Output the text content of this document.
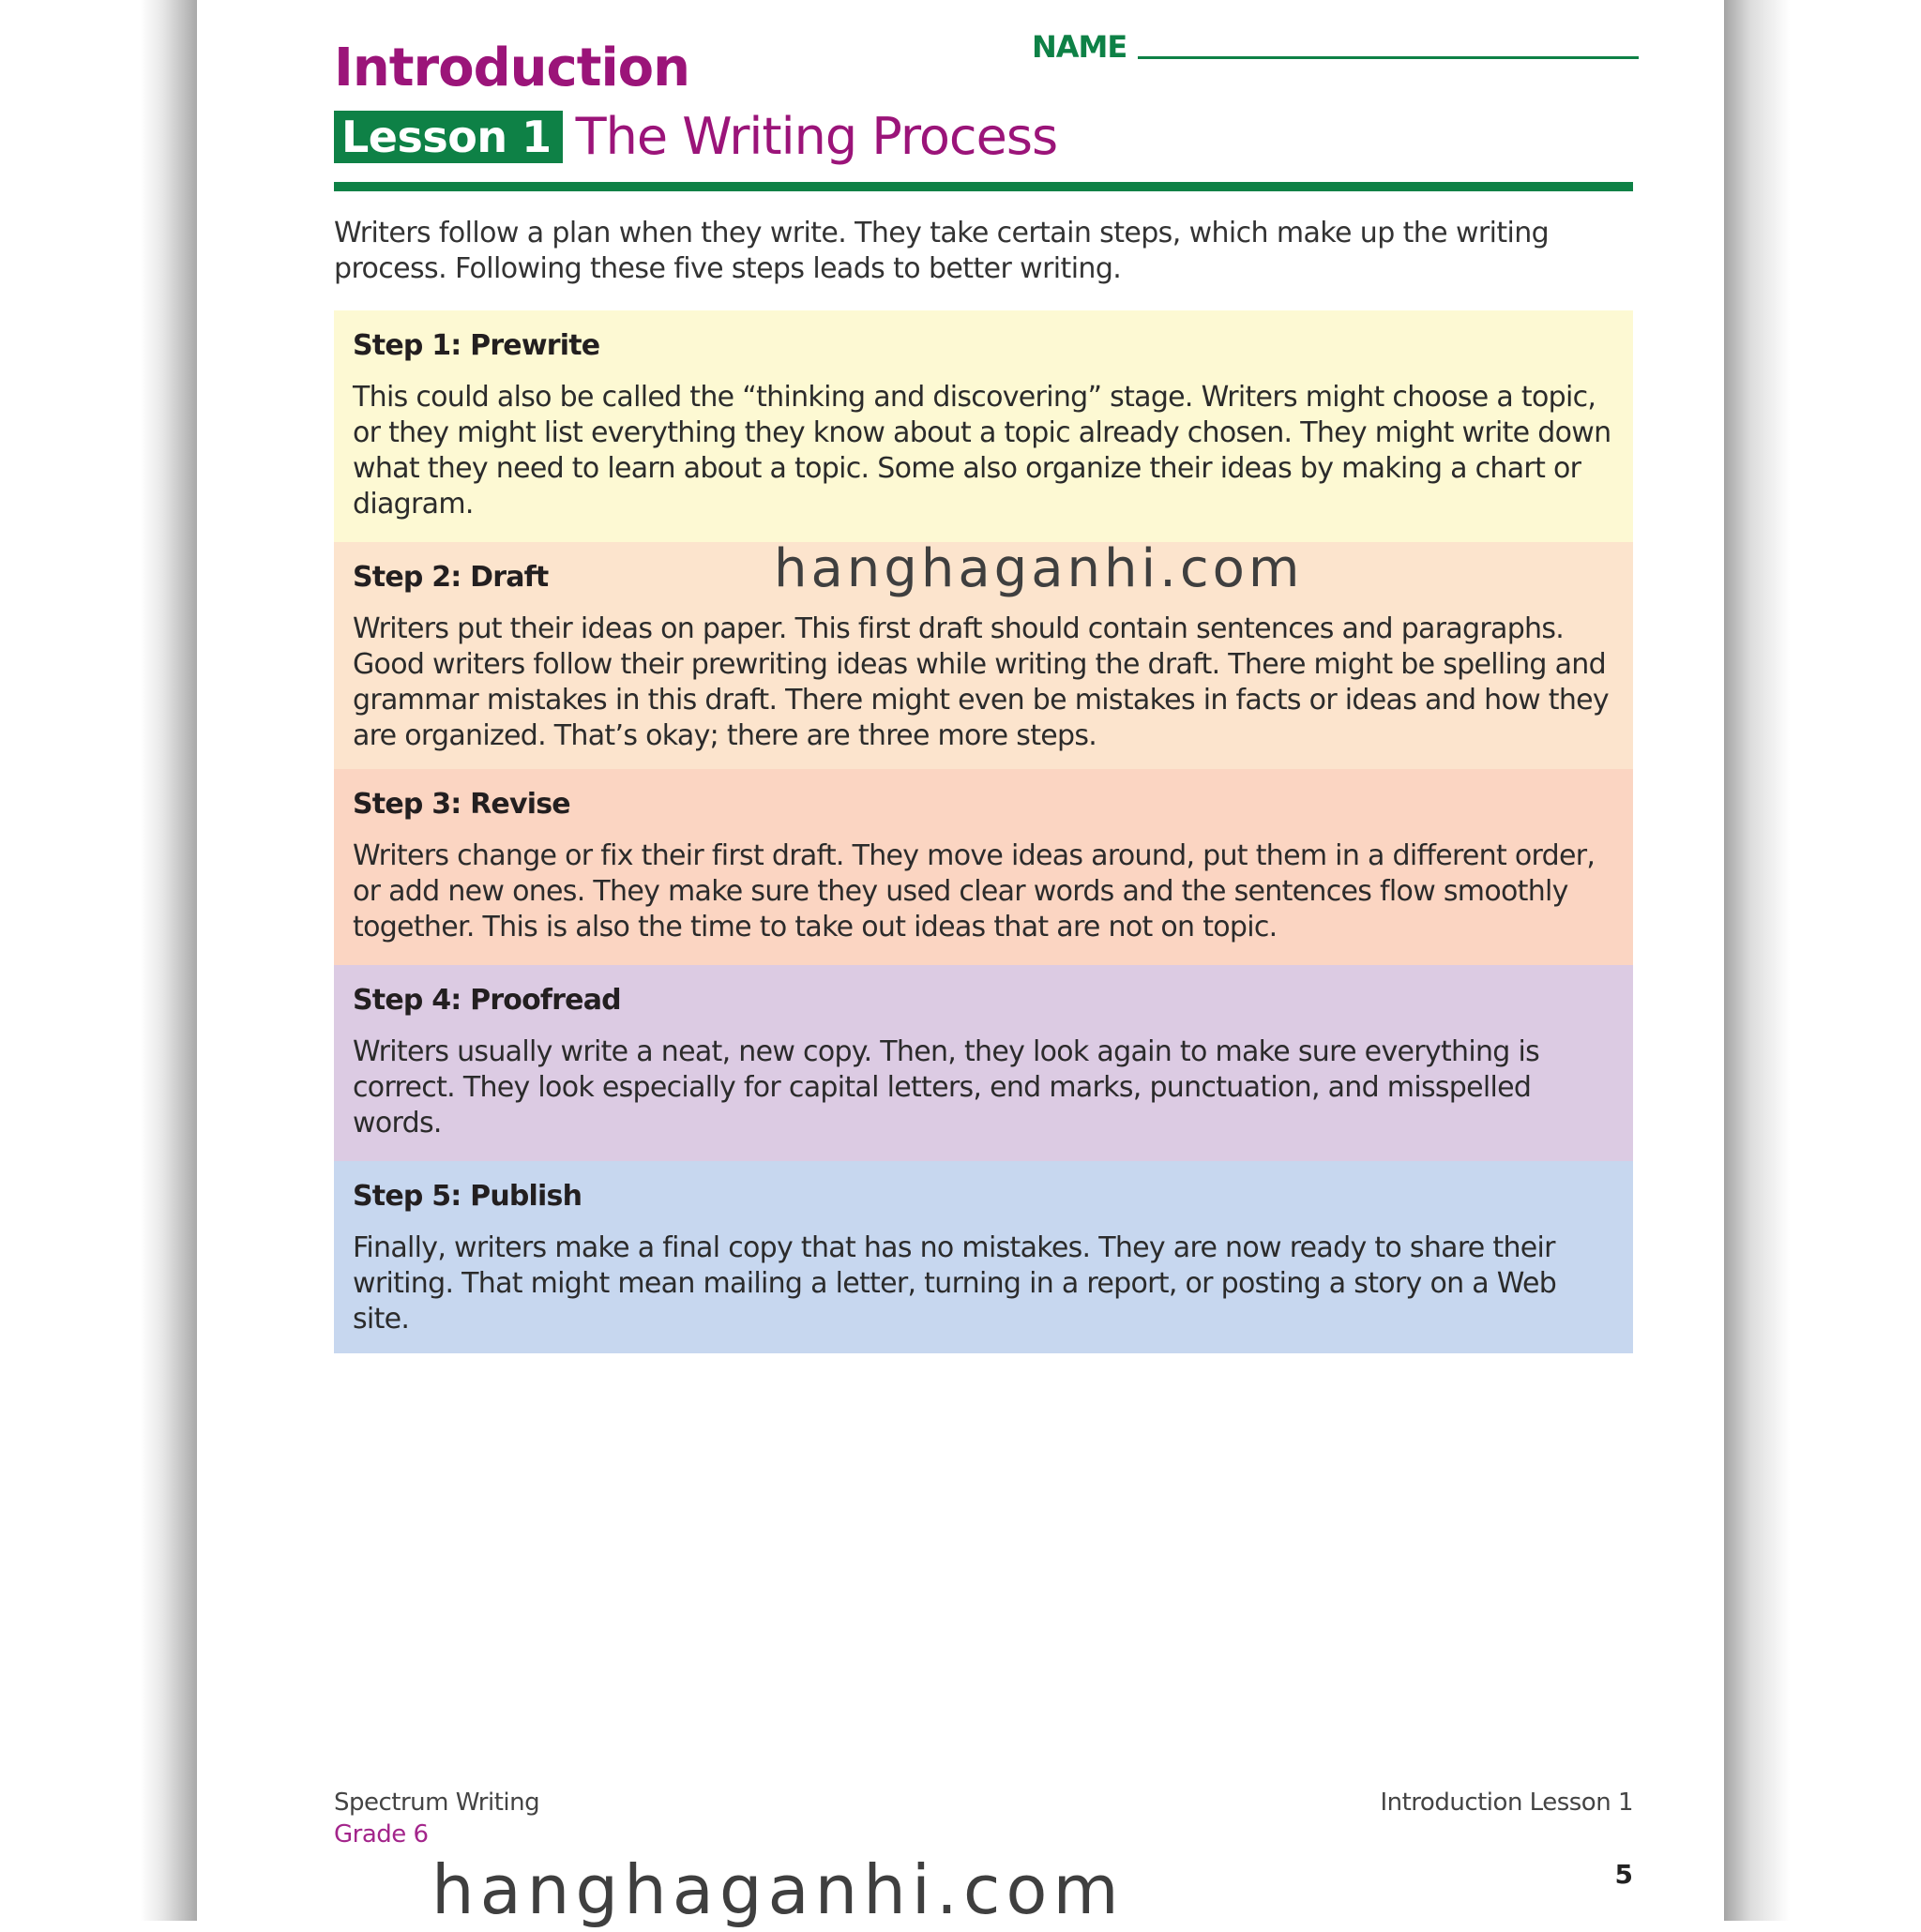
Introduction	NAME
Lesson 1 The Writing Process

Writers follow a plan when they write. They take certain steps, which make up the writing process. Following these five steps leads to better writing.

Step 1: Prewrite

This could also be called the “thinking and discovering” stage. Writers might choose a topic, or they might list everything they know about a topic already chosen. They might write down what they need to learn about a topic. Some also organize their ideas by making a chart or diagram.

Step 2: Draft

Writers put their ideas on paper. This first draft should contain sentences and paragraphs. Good writers follow their prewriting ideas while writing the draft. There might be spelling and grammar mistakes in this draft. There might even be mistakes in facts or ideas and how they are organized. That’s okay; there are three more steps.

Step 3: Revise

Writers change or fix their first draft. They move ideas around, put them in a different order, or add new ones. They make sure they used clear words and the sentences flow smoothly together. This is also the time to take out ideas that are not on topic.

Step 4: Proofread

Writers usually write a neat, new copy. Then, they look again to make sure everything is correct. They look especially for capital letters, end marks, punctuation, and misspelled words.

Step 5: Publish

Finally, writers make a final copy that has no mistakes. They are now ready to share their writing. That might mean mailing a letter, turning in a report, or posting a story on a Web site.

Spectrum Writing
Grade 6
Introduction Lesson 1
5
hanghaganhi.com
hanghaganhi.com
